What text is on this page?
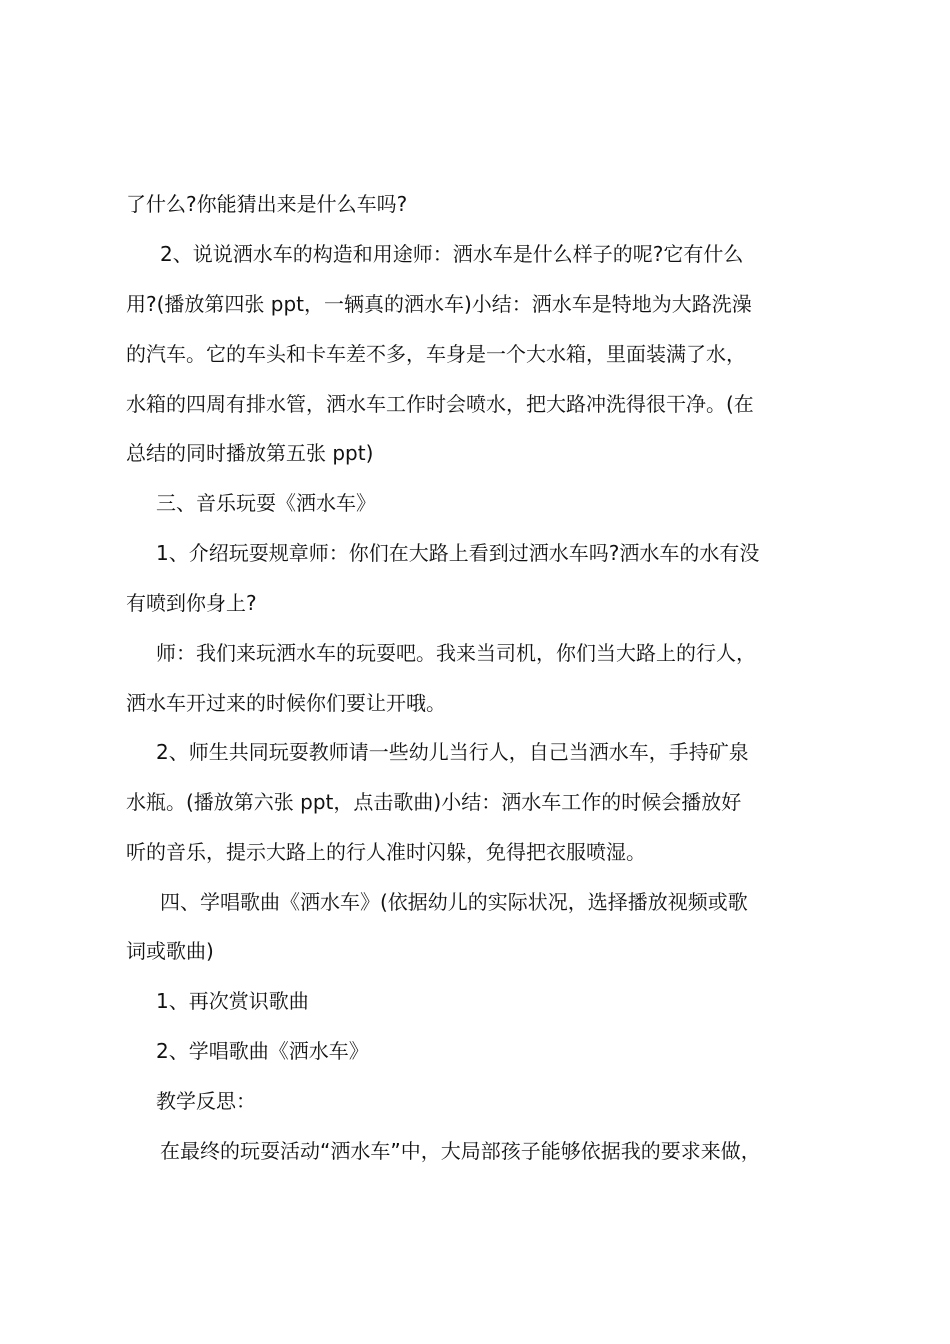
了什么?你能猜出来是什么车吗?
2、说说洒水车的构造和用途师：洒水车是什么样子的呢?它有什么
用?(播放第四张 ppt，一辆真的洒水车)小结：洒水车是特地为大路洗澡
的汽车。它的车头和卡车差不多，车身是一个大水箱，里面装满了水，
水箱的四周有排水管，洒水车工作时会喷水，把大路冲洗得很干净。(在
总结的同时播放第五张 ppt)
三、音乐玩耍《洒水车》
1、介绍玩耍规章师：你们在大路上看到过洒水车吗?洒水车的水有没
有喷到你身上?
师：我们来玩洒水车的玩耍吧。我来当司机，你们当大路上的行人，
洒水车开过来的时候你们要让开哦。
2、师生共同玩耍教师请一些幼儿当行人，自己当洒水车，手持矿泉
水瓶。(播放第六张 ppt，点击歌曲)小结：洒水车工作的时候会播放好
听的音乐，提示大路上的行人准时闪躲，免得把衣服喷湿。
四、学唱歌曲《洒水车》(依据幼儿的实际状况，选择播放视频或歌
词或歌曲)
1、再次赏识歌曲
2、学唱歌曲《洒水车》
教学反思：
在最终的玩耍活动“洒水车”中，大局部孩子能够依据我的要求来做，
